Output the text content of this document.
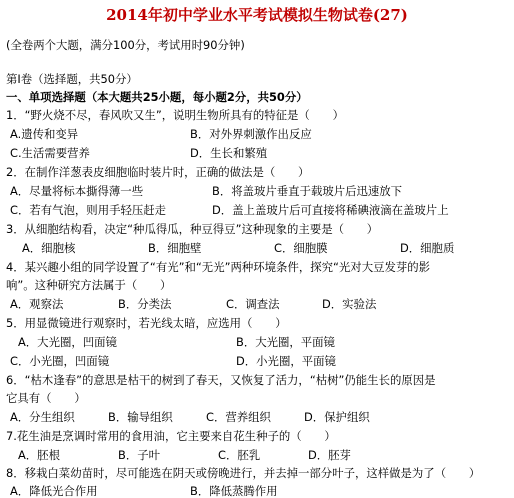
2014年初中学业水平考试模拟生物试卷(27)
(全卷两个大题，满分100分，考试用时90分钟)
第Ⅰ卷（选择题，共50分）
一、单项选择题（本大题共25小题，每小题2分，共50分）
1．“野火烧不尽，春风吹又生”，说明生物所具有的特征是（　　）
A.遗传和变异	B．对外界刺激作出反应
C.生活需要营养	D．生长和繁殖
2．在制作洋葱表皮细胞临时装片时，正确的做法是（　　）
A．尽量将标本撕得薄一些	B．将盖玻片垂直于载玻片后迅速放下
C．若有气泡，则用手轻压赶走	D．盖上盖玻片后可直接将稀碘液滴在盖玻片上
3．从细胞结构看，决定“种瓜得瓜，种豆得豆”这种现象的主要是（　　）
A．细胞核	B．细胞壁	C．细胞膜	D．细胞质
4．某兴趣小组的同学设置了“有光”和“无光”两种环境条件，探究“光对大豆发芽的影
响”。这种研究方法属于（　　）
A．观察法	B．分类法	C．调查法	D．实验法
5．用显微镜进行观察时，若光线太暗，应选用（　　）
A．大光圈，凹面镜	B．大光圈，平面镜
C．小光圈，凹面镜	D．小光圈，平面镜
6．“枯木逢春”的意思是枯干的树到了春天，又恢复了活力，“枯树”仍能生长的原因是
它具有（　　）
A．分生组织	B．输导组织	C．营养组织	D．保护组织
7.花生油是烹调时常用的食用油，它主要来自花生种子的（　　）
A．胚根	B．子叶	C．胚乳	D．胚芽
8．移栽白菜幼苗时，尽可能选在阴天或傍晚进行，并去掉一部分叶子，这样做是为了（　　）
A．降低光合作用	B．降低蒸腾作用
